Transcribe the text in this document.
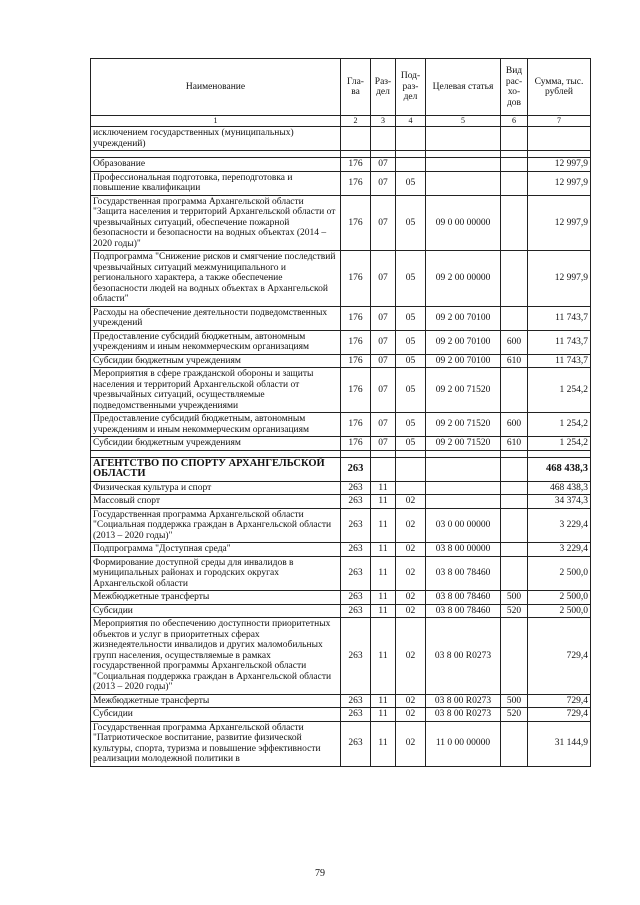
Наименование	Гла-ва	Раз-дел	Под-раз-дел	Целевая статья	Вид рас-хо-дов	Сумма, тыс. рублей
1	2	3	4	5	6	7
исключением государственных (муниципальных) учреждений)						

Образование	176	07				12 997,9
Профессиональная подготовка, переподготовка и повышение квалификации	176	07	05			12 997,9
Государственная программа Архангельской области "Защита населения и территорий Архангельской области от чрезвычайных ситуаций, обеспечение пожарной безопасности и безопасности на водных объектах (2014 – 2020 годы)"	176	07	05	09 0 00 00000		12 997,9
Подпрограмма "Снижение рисков и смягчение последствий чрезвычайных ситуаций межмуниципального и регионального характера, а также обеспечение безопасности людей на водных объектах в Архангельской области"	176	07	05	09 2 00 00000		12 997,9
Расходы на обеспечение деятельности подведомственных учреждений	176	07	05	09 2 00 70100		11 743,7
Предоставление субсидий бюджетным, автономным учреждениям и иным некоммерческим организациям	176	07	05	09 2 00 70100	600	11 743,7
Субсидии бюджетным учреждениям	176	07	05	09 2 00 70100	610	11 743,7
Мероприятия в сфере гражданской обороны и защиты населения и территорий Архангельской области от чрезвычайных ситуаций, осуществляемые подведомственными учреждениями	176	07	05	09 2 00 71520		1 254,2
Предоставление субсидий бюджетным, автономным учреждениям и иным некоммерческим организациям	176	07	05	09 2 00 71520	600	1 254,2
Субсидии бюджетным учреждениям	176	07	05	09 2 00 71520	610	1 254,2

АГЕНТСТВО ПО СПОРТУ АРХАНГЕЛЬСКОЙ ОБЛАСТИ	263					468 438,3
Физическая культура и спорт	263	11				468 438,3
Массовый спорт	263	11	02			34 374,3
Государственная программа Архангельской области "Социальная поддержка граждан в Архангельской области (2013 – 2020 годы)"	263	11	02	03 0 00 00000		3 229,4
Подпрограмма "Доступная среда"	263	11	02	03 8 00 00000		3 229,4
Формирование доступной среды для инвалидов в муниципальных районах и городских округах Архангельской области	263	11	02	03 8 00 78460		2 500,0
Межбюджетные трансферты	263	11	02	03 8 00 78460	500	2 500,0
Субсидии	263	11	02	03 8 00 78460	520	2 500,0
Мероприятия по обеспечению доступности приоритетных объектов и услуг в приоритетных сферах жизнедеятельности инвалидов и других маломобильных групп населения, осуществляемые в рамках государственной программы Архангельской области "Социальная поддержка граждан в Архангельской области (2013 – 2020 годы)"	263	11	02	03 8 00 R0273		729,4
Межбюджетные трансферты	263	11	02	03 8 00 R0273	500	729,4
Субсидии	263	11	02	03 8 00 R0273	520	729,4
Государственная программа Архангельской области "Патриотическое воспитание, развитие физической культуры, спорта, туризма и повышение эффективности реализации молодежной политики в	263	11	02	11 0 00 00000		31 144,9
79
